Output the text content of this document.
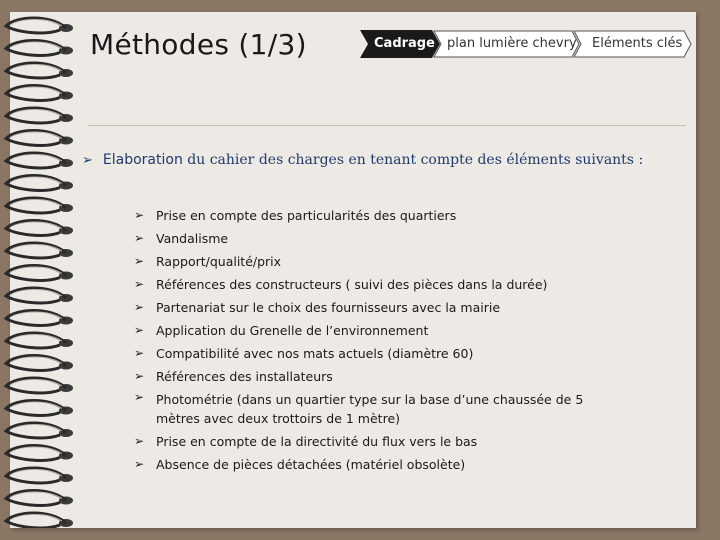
Méthodes (1/3)	Cadrage plan lumière chevry Eléments clés
➢ Elaboration du cahier des charges en tenant compte des éléments suivants :
➢ Prise en compte des particularités des quartiers
➢ Vandalisme
➢ Rapport/qualité/prix
➢ Références des constructeurs ( suivi des pièces dans la durée)
➢ Partenariat sur le choix des fournisseurs avec la mairie
➢ Application du Grenelle de l’environnement
➢ Compatibilité avec nos mats actuels (diamètre 60)
➢ Références des installateurs
➢ Photométrie (dans un quartier type sur la base d’une chaussée de 5 mètres avec deux trottoirs de 1 mètre)
➢ Prise en compte de la directivité du flux vers le bas
➢ Absence de pièces détachées (matériel obsolète)
